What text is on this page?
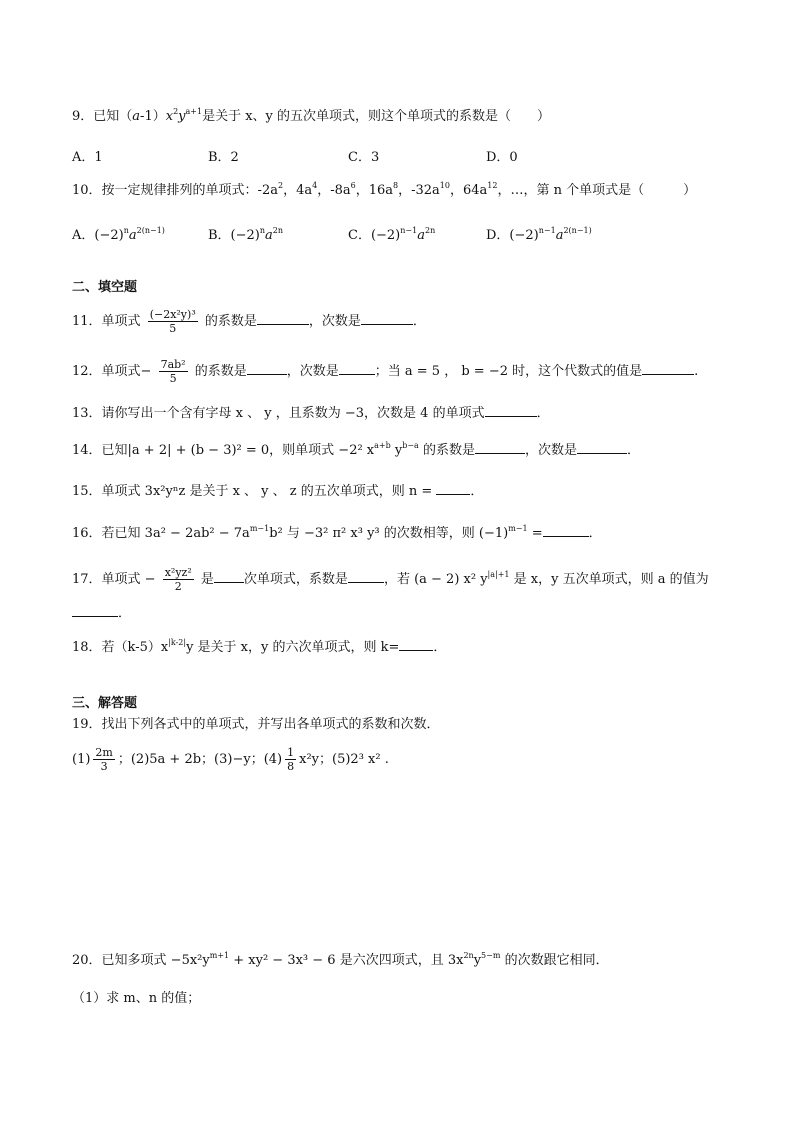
9．已知$(a-1)x^2y^{a+1}$是关于 x、y 的五次单项式，则这个单项式的系数是（　　）
A．1	B．2	C．3	D．0
10．按一定规律排列的单项式：$-2a^2$，$4a^4$，$-8a^6$，$16a^8$，$-32a^{10}$，$64a^{12}$，…，第 n 个单项式是（　　　）
A．$(-2)^na^{2(n-1)}$	B．$(-2)^na^{2n}$	C．$(-2)^{n-1}a^{2n}$	D．$(-2)^{n-1}a^{2(n-1)}$
二、填空题
11．单项式 $\frac{\text{(−2x²y)³}}{5}$ 的系数是	，次数是	．
12．单项式− $\frac{\text{7ab²}}{5}$ 的系数是	，次数是	；当 a = 5 ， b = −2 时，这个代数式的值是	.
13．请你写出一个含有字母 x 、 y ，且系数为 −3，次数是 4 的单项式	．
14．已知|a + 2| + (b − 3)² = 0，则单项式 −2² $x^{a+b}$ $y^{b-a}$ 的系数是	，次数是	．
15．单项式 3x²yⁿz 是关于 x 、 y 、 z 的五次单项式，则 n =	．
16．若已知 $3a^2 - 2ab^2 - 7a^{m-1}b^2$ 与 −3² π² x³ y³ 的次数相等，则 $(-1)^{m-1}$ =	．
17．单项式 − $\frac{\text{x²yz²}}{2}$ 是 次单项式，系数是	，若 (a − 2) x² $y^{|a|+1}$ 是 x，y 五次单项式，则 a 的值为
．
18．若$(k-5)x^{|k-2|}y$ 是关于 x，y 的六次单项式，则 k=	．
三、解答题
19．找出下列各式中的单项式，并写出各单项式的系数和次数．
$(1) \frac{2m}{3}$ ；(2)5a + 2b；(3)−y；$(4) \frac{1}{8} x^2y$；(5)2³ x² .
20．已知多项式 $-5x^2y^{m+1} + xy^2 - 3x^3 - 6$ 是六次四项式，且 $3x^{2n}y^{5-m}$ 的次数跟它相同．
（1）求 m、n 的值；
